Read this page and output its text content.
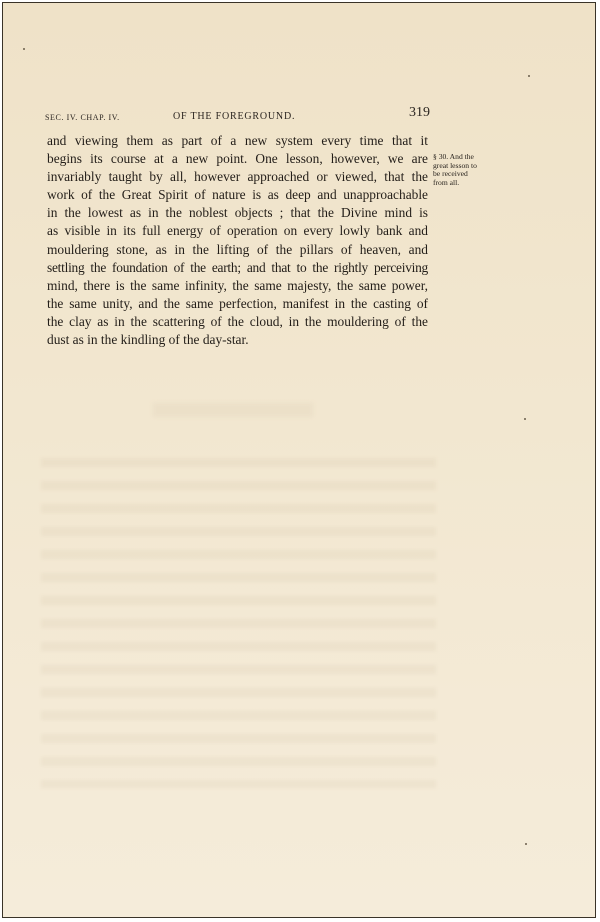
SEC. IV. CHAP. IV.	OF THE FOREGROUND.	319

and viewing them as part of a new system every time that it
begins its course at a new point. One lesson, however, we are
invariably taught by all, however approached or viewed, that the
work of the Great Spirit of nature is as deep and unapproachable
in the lowest as in the noblest objects ; that the Divine mind is
as visible in its full energy of operation on every lowly bank and
mouldering stone, as in the lifting of the pillars of heaven, and
settling the foundation of the earth; and that to the rightly perceiving
mind, there is the same infinity, the same majesty, the same power,
the same unity, and the same perfection, manifest in the casting of
the clay as in the scattering of the cloud, in the mouldering of the
dust as in the kindling of the day-star.

§ 30. And the
great lesson to
be received
from all.
